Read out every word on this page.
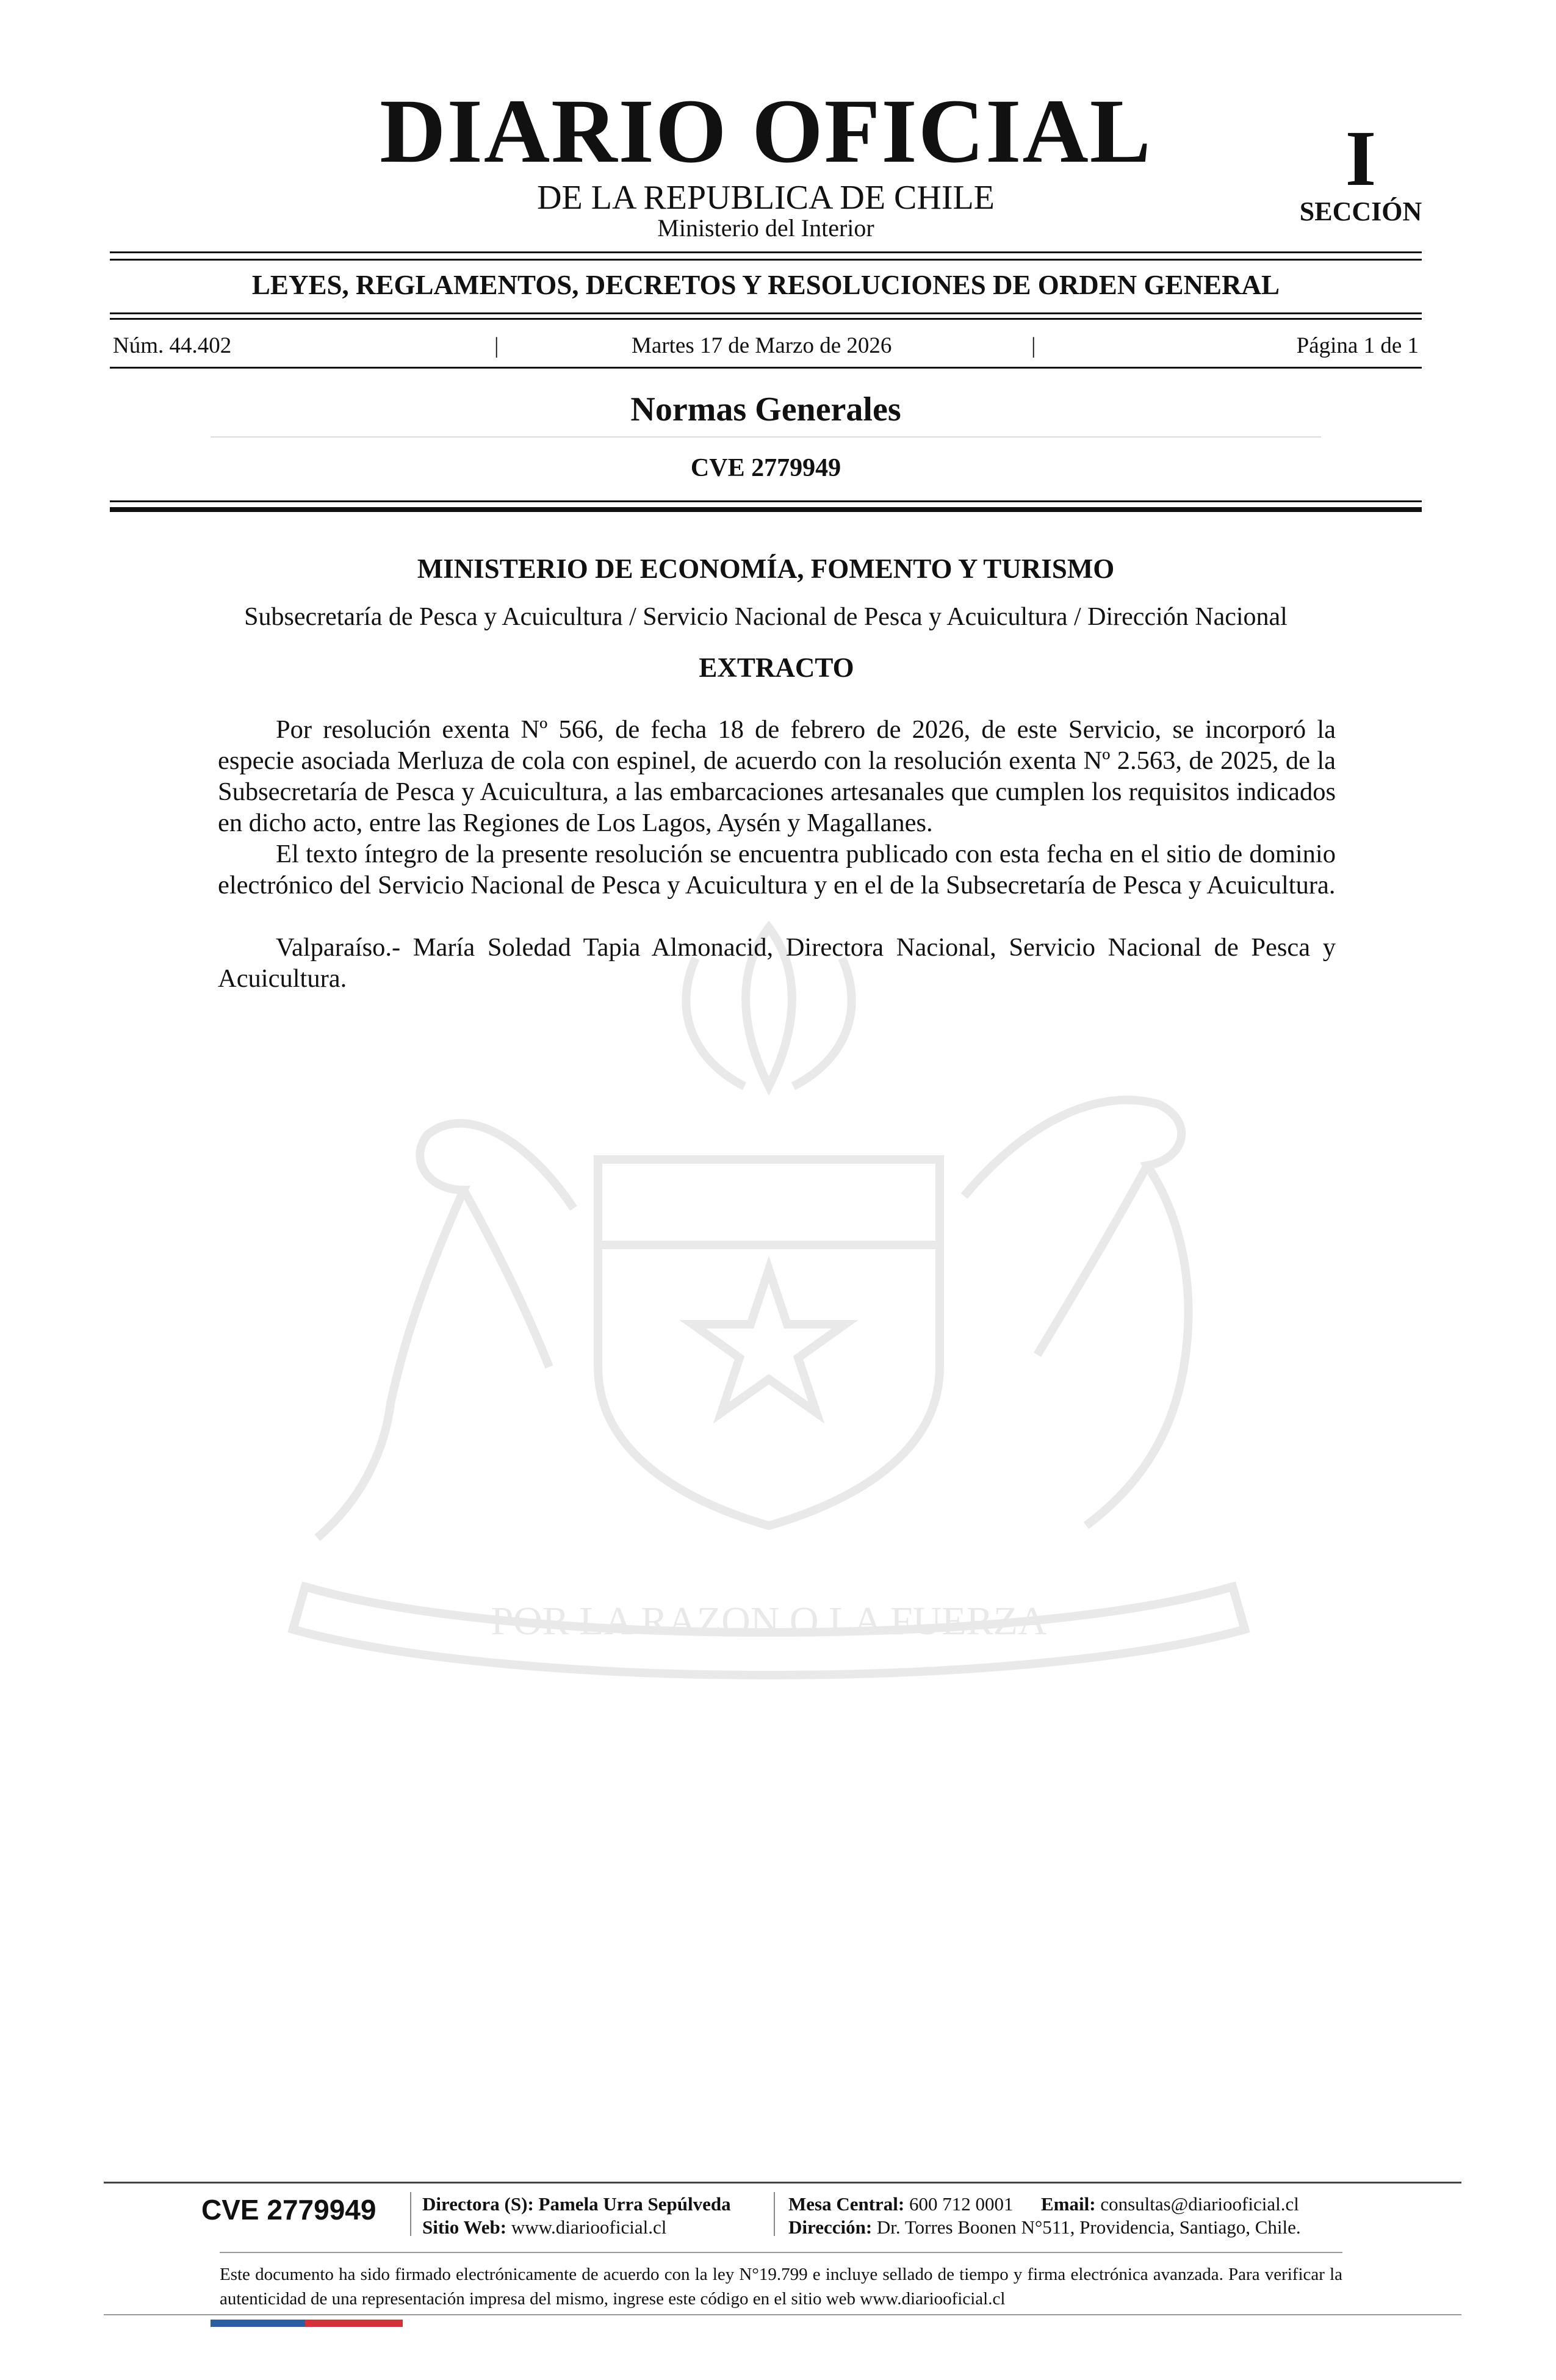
POR LA RAZON O LA FUERZA
DIARIO OFICIAL
DE LA REPUBLICA DE CHILE
Ministerio del Interior
I
SECCIÓN
LEYES, REGLAMENTOS, DECRETOS Y RESOLUCIONES DE ORDEN GENERAL
Núm. 44.402	|	Martes 17 de Marzo de 2026	|	Página 1 de 1
Normas Generales
CVE 2779949
MINISTERIO DE ECONOMÍA, FOMENTO Y TURISMO
Subsecretaría de Pesca y Acuicultura / Servicio Nacional de Pesca y Acuicultura / Dirección Nacional
EXTRACTO

Por resolución exenta Nº 566, de fecha 18 de febrero de 2026, de este Servicio, se incorporó la especie asociada Merluza de cola con espinel, de acuerdo con la resolución exenta Nº 2.563, de 2025, de la Subsecretaría de Pesca y Acuicultura, a las embarcaciones artesanales que cumplen los requisitos indicados en dicho acto, entre las Regiones de Los Lagos, Aysén y Magallanes.

El texto íntegro de la presente resolución se encuentra publicado con esta fecha en el sitio de dominio electrónico del Servicio Nacional de Pesca y Acuicultura y en el de la Subsecretaría de Pesca y Acuicultura.

Valparaíso.- María Soledad Tapia Almonacid, Directora Nacional, Servicio Nacional de Pesca y Acuicultura.

CVE 2779949	Directora (S): Pamela Urra Sepúlveda
Sitio Web: www.diariooficial.cl
Mesa Central: 600 712 0001 Email: consultas@diariooficial.cl
Dirección: Dr. Torres Boonen N°511, Providencia, Santiago, Chile.
Este documento ha sido firmado electrónicamente de acuerdo con la ley N°19.799 e incluye sellado de tiempo y firma electrónica avanzada. Para verificar la autenticidad de una representación impresa del mismo, ingrese este código en el sitio web www.diariooficial.cl
